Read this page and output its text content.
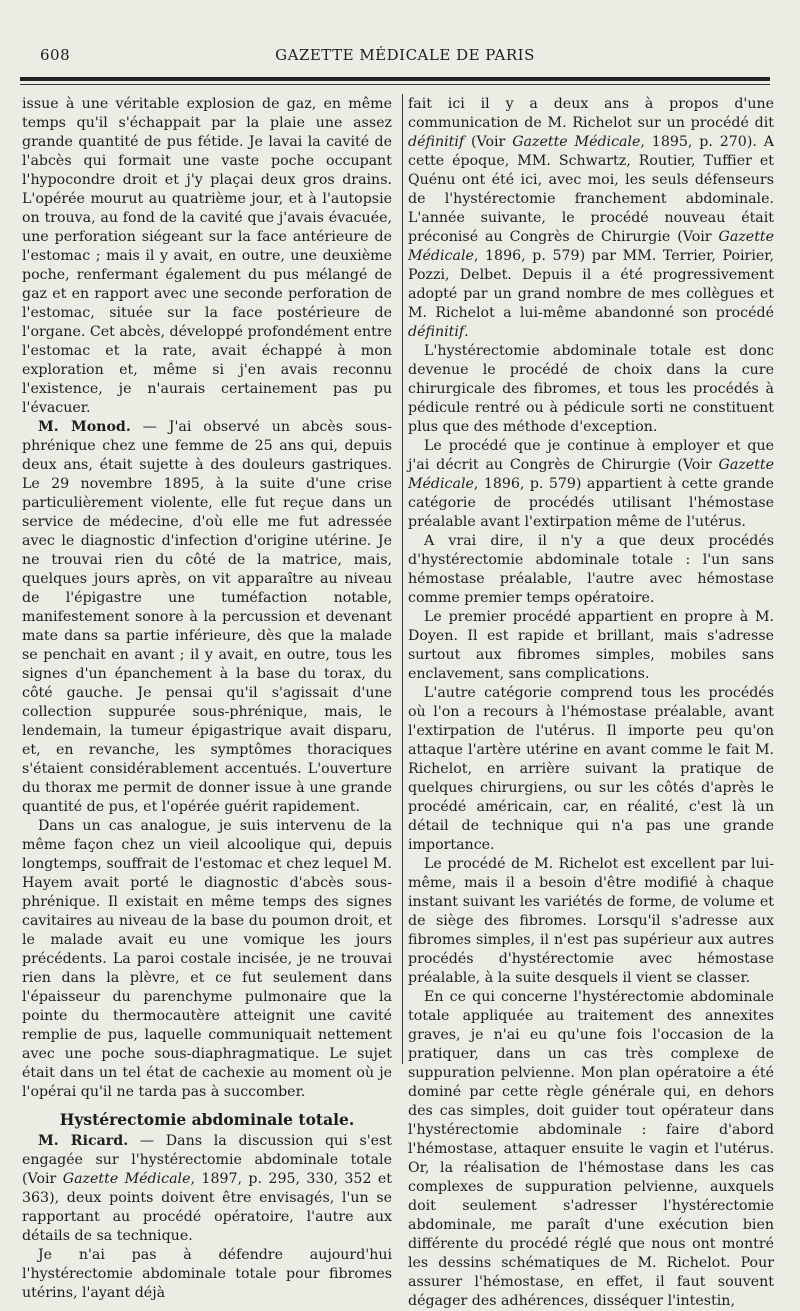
608	GAZETTE MÉDICALE DE PARIS

issue à une véritable explosion de gaz, en même temps qu'il s'échappait par la plaie une assez grande quantité de pus fétide. Je lavai la cavité de l'abcès qui formait une vaste poche occupant l'hypocondre droit et j'y plaçai deux gros drains. L'opérée mourut au quatrième jour, et à l'autopsie on trouva, au fond de la cavité que j'avais évacuée, une perforation siégeant sur la face antérieure de l'estomac ; mais il y avait, en outre, une deuxième poche, renfermant également du pus mélangé de gaz et en rapport avec une seconde perforation de l'estomac, située sur la face postérieure de l'organe. Cet abcès, développé profondément entre l'estomac et la rate, avait échappé à mon exploration et, même si j'en avais reconnu l'existence, je n'aurais certainement pas pu l'évacuer.

M. Monod. — J'ai observé un abcès sous-phrénique chez une femme de 25 ans qui, depuis deux ans, était sujette à des douleurs gastriques. Le 29 novembre 1895, à la suite d'une crise particulièrement violente, elle fut reçue dans un service de médecine, d'où elle me fut adressée avec le diagnostic d'infection d'origine utérine. Je ne trouvai rien du côté de la matrice, mais, quelques jours après, on vit apparaître au niveau de l'épigastre une tuméfaction notable, manifestement sonore à la percussion et devenant mate dans sa partie inférieure, dès que la malade se penchait en avant ; il y avait, en outre, tous les signes d'un épanchement à la base du torax, du côté gauche. Je pensai qu'il s'agissait d'une collection suppurée sous-phrénique, mais, le lendemain, la tumeur épigastrique avait disparu, et, en revanche, les symptômes thoraciques s'étaient considérablement accentués. L'ouverture du thorax me permit de donner issue à une grande quantité de pus, et l'opérée guérit rapidement.

Dans un cas analogue, je suis intervenu de la même façon chez un vieil alcoolique qui, depuis longtemps, souffrait de l'estomac et chez lequel M. Hayem avait porté le diagnostic d'abcès sous-phrénique. Il existait en même temps des signes cavitaires au niveau de la base du poumon droit, et le malade avait eu une vomique les jours précédents. La paroi costale incisée, je ne trouvai rien dans la plèvre, et ce fut seulement dans l'épaisseur du parenchyme pulmonaire que la pointe du thermocautère atteignit une cavité remplie de pus, laquelle communiquait nettement avec une poche sous-diaphragmatique. Le sujet était dans un tel état de cachexie au moment où je l'opérai qu'il ne tarda pas à succomber.

Hystérectomie abdominale totale.

M. Ricard. — Dans la discussion qui s'est engagée sur l'hystérectomie abdominale totale (Voir Gazette Médicale, 1897, p. 295, 330, 352 et 363), deux points doivent être envisagés, l'un se rapportant au procédé opératoire, l'autre aux détails de sa technique.

Je n'ai pas à défendre aujourd'hui l'hystérectomie abdominale totale pour fibromes utérins, l'ayant déjà

fait ici il y a deux ans à propos d'une communication de M. Richelot sur un procédé dit définitif (Voir Gazette Médicale, 1895, p. 270). A cette époque, MM. Schwartz, Routier, Tuffier et Quénu ont été ici, avec moi, les seuls défenseurs de l'hystérectomie franchement abdominale. L'année suivante, le procédé nouveau était préconisé au Congrès de Chirurgie (Voir Gazette Médicale, 1896, p. 579) par MM. Terrier, Poirier, Pozzi, Delbet. Depuis il a été progressivement adopté par un grand nombre de mes collègues et M. Richelot a lui-même abandonné son procédé définitif.

L'hystérectomie abdominale totale est donc devenue le procédé de choix dans la cure chirurgicale des fibromes, et tous les procédés à pédicule rentré ou à pédicule sorti ne constituent plus que des méthode d'exception.

Le procédé que je continue à employer et que j'ai décrit au Congrès de Chirurgie (Voir Gazette Médicale, 1896, p. 579) appartient à cette grande catégorie de procédés utilisant l'hémostase préalable avant l'extirpation même de l'utérus.

A vrai dire, il n'y a que deux procédés d'hystérectomie abdominale totale : l'un sans hémostase préalable, l'autre avec hémostase comme premier temps opératoire.

Le premier procédé appartient en propre à M. Doyen. Il est rapide et brillant, mais s'adresse surtout aux fibromes simples, mobiles sans enclavement, sans complications.

L'autre catégorie comprend tous les procédés où l'on a recours à l'hémostase préalable, avant l'extirpation de l'utérus. Il importe peu qu'on attaque l'artère utérine en avant comme le fait M. Richelot, en arrière suivant la pratique de quelques chirurgiens, ou sur les côtés d'après le procédé américain, car, en réalité, c'est là un détail de technique qui n'a pas une grande importance.

Le procédé de M. Richelot est excellent par lui-même, mais il a besoin d'être modifié à chaque instant suivant les variétés de forme, de volume et de siège des fibromes. Lorsqu'il s'adresse aux fibromes simples, il n'est pas supérieur aux autres procédés d'hystérectomie avec hémostase préalable, à la suite desquels il vient se classer.

En ce qui concerne l'hystérectomie abdominale totale appliquée au traitement des annexites graves, je n'ai eu qu'une fois l'occasion de la pratiquer, dans un cas très complexe de suppuration pelvienne. Mon plan opératoire a été dominé par cette règle générale qui, en dehors des cas simples, doit guider tout opérateur dans l'hystérectomie abdominale : faire d'abord l'hémostase, attaquer ensuite le vagin et l'utérus. Or, la réalisation de l'hémostase dans les cas complexes de suppuration pelvienne, auxquels doit seulement s'adresser l'hystérectomie abdominale, me paraît d'une exécution bien différente du procédé réglé que nous ont montré les dessins schématiques de M. Richelot. Pour assurer l'hémostase, en effet, il faut souvent dégager des adhérences, disséquer l'intestin,
